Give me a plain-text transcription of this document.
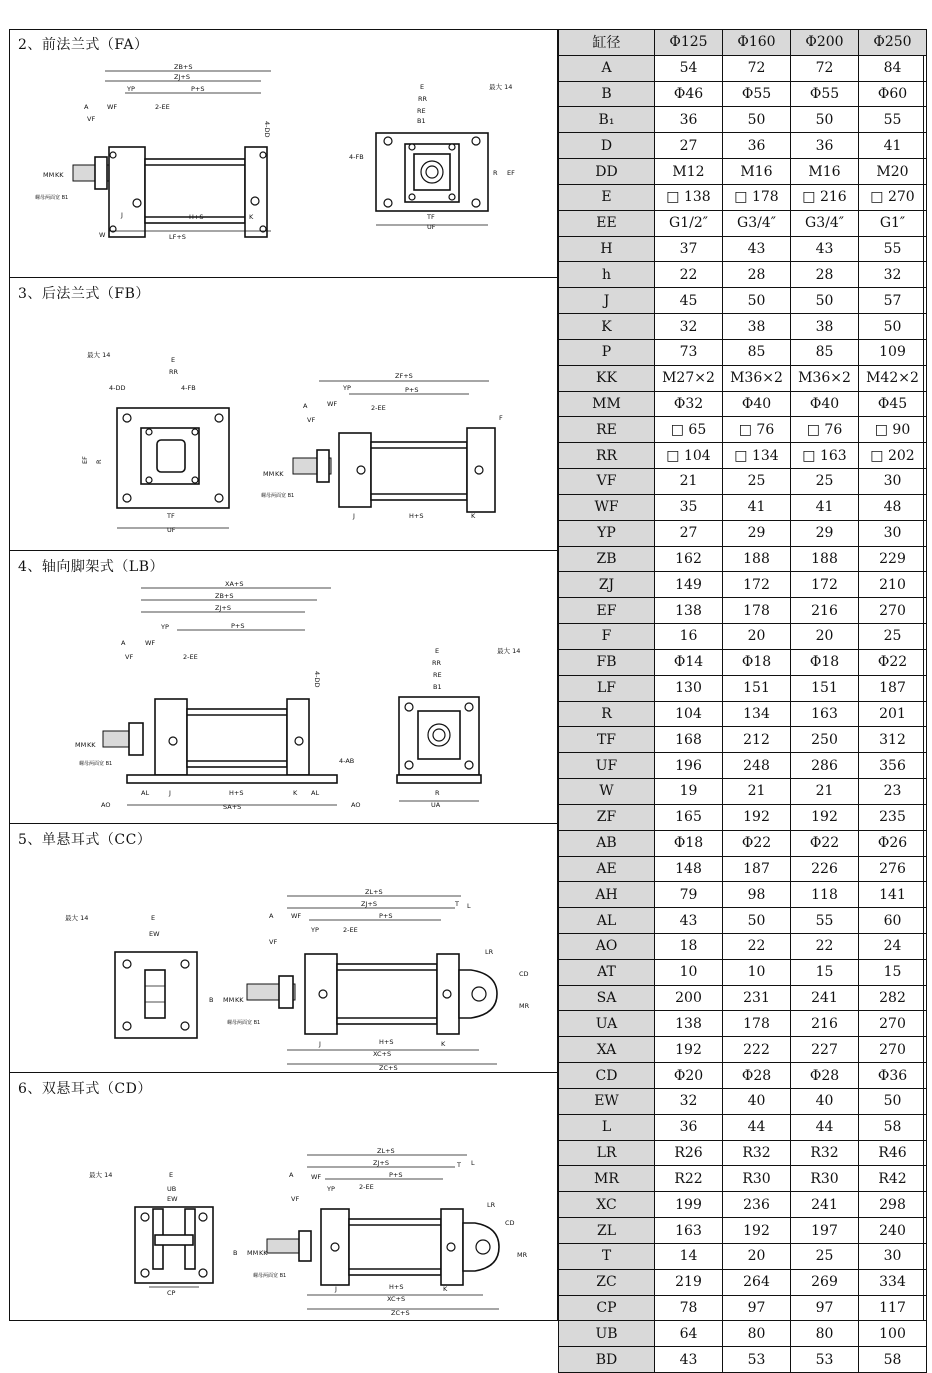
2、前法兰式（FA）
ZB+S
ZJ+S
P+S
YP
A	WF
VF
2-EE
4-DD
MM KK
螺母两面宽 B1
J	H+S	K
W	LF+S
E	最大 14
RR
RE
B1
4-FB
R EF
TF
UF
3、后法兰式（FB）
最大 14
E
RR
4-DD	4-FB
EF R
TF
UF
ZF+S
P+S
YP
A	WF
VF
2-EE
F
MM KK
螺母两面宽 B1
J	H+S	K
4、轴向脚架式（LB）
XA+S
ZB+S
ZJ+S
P+S
YP
A	WF
VF	2-EE
4-DD
MM KK
螺母两面宽 B1	4-AB
AL	J	H+S	K AL
AO	SA+S	AO
E	最大 14
RR
RE
B1
R
UA
5、单悬耳式（CC）
最大 14	E
EW
ZL+S
ZJ+S
P+S
A	WF
YP	2-EE
VF
T L
LR
CD
MR
B MM KK
螺母两面宽 B1
J	H+S	K
XC+S
ZC+S
6、双悬耳式（CD）
最大 14	E
UB
EW
CP
ZL+S
ZJ+S
P+S
A	WF
YP	2-EE
VF
T L
LR
CD
MR
B MM KK
螺母两面宽 B1
J	H+S	K
XC+S
ZC+S
缸径	Φ125	Φ160	Φ200	Φ250
A	54	72	72	84
B	Φ46	Φ55	Φ55	Φ60
B₁	36	50	50	55
D	27	36	36	41
DD	M12	M16	M16	M20
E	□ 138	□ 178	□ 216	□ 270
EE	G1/2″	G3/4″	G3/4″	G1″
H	37	43	43	55
h	22	28	28	32
J	45	50	50	57
K	32	38	38	50
P	73	85	85	109
KK	M27×2	M36×2	M36×2	M42×2
MM	Φ32	Φ40	Φ40	Φ45
RE	□ 65	□ 76	□ 76	□ 90
RR	□ 104	□ 134	□ 163	□ 202
VF	21	25	25	30
WF	35	41	41	48
YP	27	29	29	30
ZB	162	188	188	229
ZJ	149	172	172	210
EF	138	178	216	270
F	16	20	20	25
FB	Φ14	Φ18	Φ18	Φ22
LF	130	151	151	187
R	104	134	163	201
TF	168	212	250	312
UF	196	248	286	356
W	19	21	21	23
ZF	165	192	192	235
AB	Φ18	Φ22	Φ22	Φ26
AE	148	187	226	276
AH	79	98	118	141
AL	43	50	55	60
AO	18	22	22	24
AT	10	10	15	15
SA	200	231	241	282
UA	138	178	216	270
XA	192	222	227	270
CD	Φ20	Φ28	Φ28	Φ36
EW	32	40	40	50
L	36	44	44	58
LR	R26	R32	R32	R46
MR	R22	R30	R30	R42
XC	199	236	241	298
ZL	163	192	197	240
T	14	20	25	30
ZC	219	264	269	334
CP	78	97	97	117
UB	64	80	80	100
BD	43	53	53	58
